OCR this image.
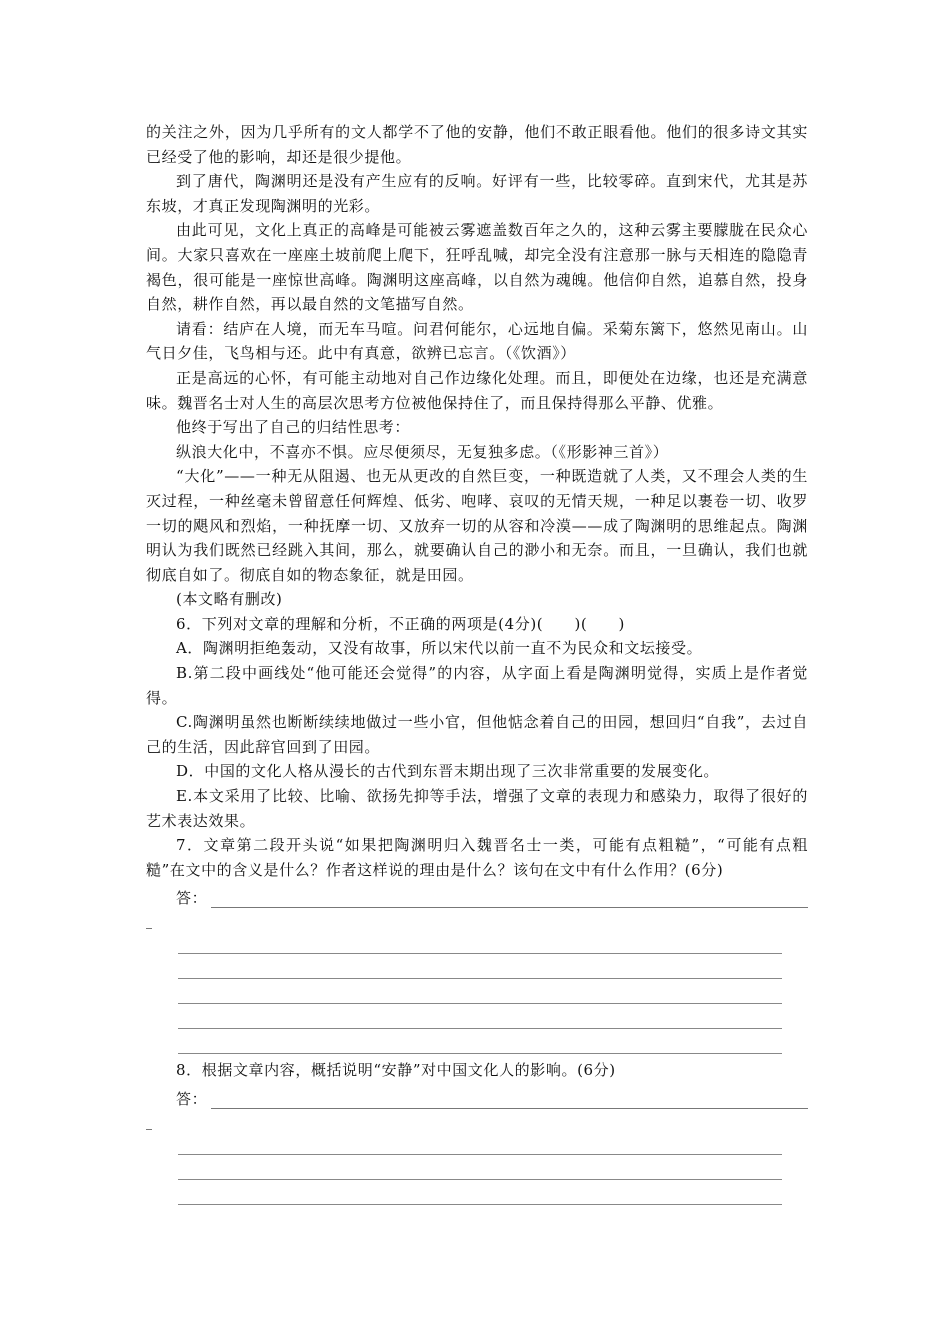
的关注之外，因为几乎所有的文人都学不了他的安静，他们不敢正眼看他。他们的很多诗文其实已经受了他的影响，却还是很少提他。

到了唐代，陶渊明还是没有产生应有的反响。好评有一些，比较零碎。直到宋代，尤其是苏东坡，才真正发现陶渊明的光彩。

由此可见，文化上真正的高峰是可能被云雾遮盖数百年之久的，这种云雾主要朦胧在民众心间。大家只喜欢在一座座土坡前爬上爬下，狂呼乱喊，却完全没有注意那一脉与天相连的隐隐青褐色，很可能是一座惊世高峰。陶渊明这座高峰，以自然为魂魄。他信仰自然，追慕自然，投身自然，耕作自然，再以最自然的文笔描写自然。

请看：结庐在人境，而无车马喧。问君何能尔，心远地自偏。采菊东篱下，悠然见南山。山气日夕佳，飞鸟相与还。此中有真意，欲辨已忘言。（《饮酒》）

正是高远的心怀，有可能主动地对自己作边缘化处理。而且，即便处在边缘，也还是充满意味。魏晋名士对人生的高层次思考方位被他保持住了，而且保持得那么平静、优雅。

他终于写出了自己的归结性思考：

纵浪大化中，不喜亦不惧。应尽便须尽，无复独多虑。（《形影神三首》）

“大化”——一种无从阻遏、也无从更改的自然巨变，一种既造就了人类，又不理会人类的生灭过程，一种丝毫未曾留意任何辉煌、低劣、咆哮、哀叹的无情天规，一种足以裹卷一切、收罗一切的飓风和烈焰，一种抚摩一切、又放弃一切的从容和冷漠——成了陶渊明的思维起点。陶渊明认为我们既然已经跳入其间，那么，就要确认自己的渺小和无奈。而且，一旦确认，我们也就彻底自如了。彻底自如的物态象征，就是田园。

(本文略有删改)

6．下列对文章的理解和分析，不正确的两项是(4分)(　　)(　　)

A．陶渊明拒绝轰动，又没有故事，所以宋代以前一直不为民众和文坛接受。

B.第二段中画线处“他可能还会觉得”的内容，从字面上看是陶渊明觉得，实质上是作者觉得。

C.陶渊明虽然也断断续续地做过一些小官，但他惦念着自己的田园，想回归“自我”，去过自己的生活，因此辞官回到了田园。

D．中国的文化人格从漫长的古代到东晋末期出现了三次非常重要的发展变化。

E.本文采用了比较、比喻、欲扬先抑等手法，增强了文章的表现力和感染力，取得了很好的艺术表达效果。

7．文章第二段开头说“如果把陶渊明归入魏晋名士一类，可能有点粗糙”，“可能有点粗糙”在文中的含义是什么？作者这样说的理由是什么？该句在文中有什么作用？(6分)

答：

8．根据文章内容，概括说明“安静”对中国文化人的影响。(6分)

答：
